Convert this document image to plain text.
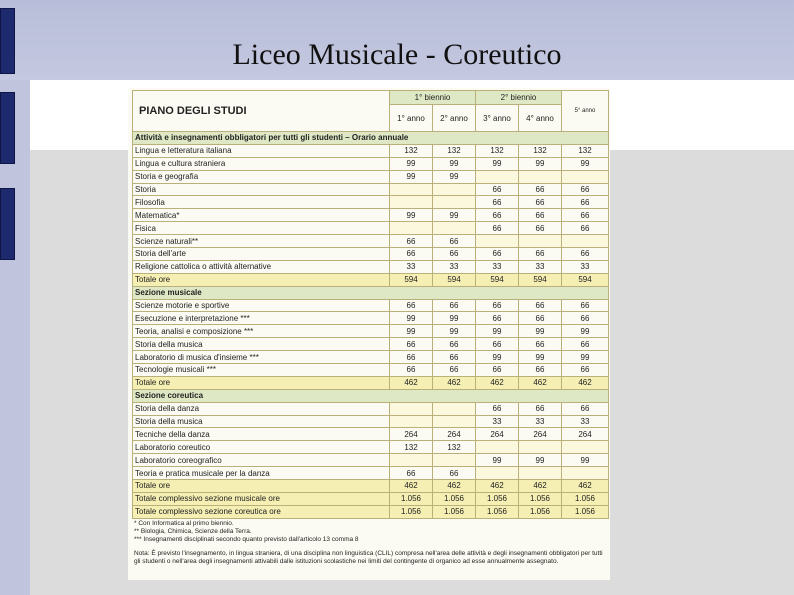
Liceo Musicale - Coreutico
PIANO DEGLI STUDI	1° biennio		2° biennio		5° anno
	1° anno	2° anno	3° anno	4° anno	
Attività e insegnamenti obbligatori per tutti gli studenti – Orario annuale					
Lingua e letteratura italiana	132	132	132	132	132
Lingua e cultura straniera	99	99	99	99	99
Storia e geografia	99	99			
Storia			66	66	66
Filosofia			66	66	66
Matematica*	99	99	66	66	66
Fisica			66	66	66
Scienze naturali**	66	66			
Storia dell'arte	66	66	66	66	66
Religione cattolica o attività alternative	33	33	33	33	33
Totale ore	594	594	594	594	594
Sezione musicale					
Scienze motorie e sportive	66	66	66	66	66
Esecuzione e interpretazione ***	99	99	66	66	66
Teoria, analisi e composizione ***	99	99	99	99	99
Storia della musica	66	66	66	66	66
Laboratorio di musica d'insieme ***	66	66	99	99	99
Tecnologie musicali ***	66	66	66	66	66
Totale ore	462	462	462	462	462
Sezione coreutica					
Storia della danza			66	66	66
Storia della musica			33	33	33
Tecniche della danza	264	264	264	264	264
Laboratorio coreutico	132	132			
Laboratorio coreografico			99	99	99
Teoria e pratica musicale per la danza	66	66			
Totale ore	462	462	462	462	462
Totale complessivo sezione musicale ore	1.056	1.056	1.056	1.056	1.056
Totale complessivo sezione coreutica ore	1.056	1.056	1.056	1.056	1.056

* Con Informatica al primo biennio.

** Biologia, Chimica, Scienze della Terra.

*** Insegnamenti disciplinati secondo quanto previsto dall'articolo 13 comma 8

Nota: È previsto l'insegnamento, in lingua straniera, di una disciplina non linguistica (CLIL) compresa nell'area delle attività e degli insegnamenti obbligatori per tutti gli studenti o nell'area degli insegnamenti attivabili dalle istituzioni scolastiche nei limiti del contingente di organico ad esse annualmente assegnato.
